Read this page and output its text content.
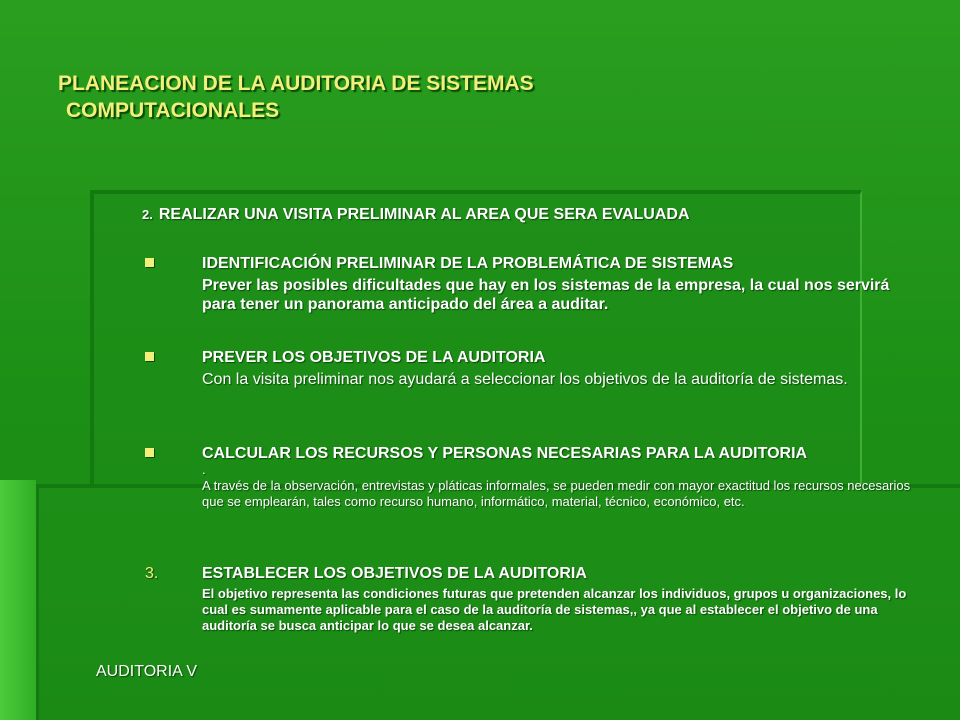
PLANEACION DE LA AUDITORIA DE SISTEMAS
COMPUTACIONALES
2. REALIZAR UNA VISITA PRELIMINAR AL AREA QUE SERA EVALUADA
IDENTIFICACIÓN PRELIMINAR DE LA PROBLEMÁTICA DE SISTEMAS
Prever las posibles dificultades que hay en los sistemas de la empresa, la cual nos servirá para tener un panorama anticipado del área a auditar.
PREVER LOS OBJETIVOS DE LA AUDITORIA
Con la visita preliminar nos ayudará a seleccionar los objetivos de la auditoría de sistemas.
CALCULAR LOS RECURSOS Y PERSONAS NECESARIAS PARA LA AUDITORIA
.
A través de la observación, entrevistas y pláticas informales, se pueden medir con mayor exactitud los recursos necesarios que se emplearán, tales como recurso humano, informático, material, técnico, económico, etc.
3.	ESTABLECER LOS OBJETIVOS DE LA AUDITORIA
El objetivo representa las condiciones futuras que pretenden alcanzar los individuos, grupos u organizaciones, lo cual es sumamente aplicable para el caso de la auditoría de sistemas,, ya que al establecer el objetivo de una auditoría se busca anticipar lo que se desea alcanzar.
AUDITORIA V
